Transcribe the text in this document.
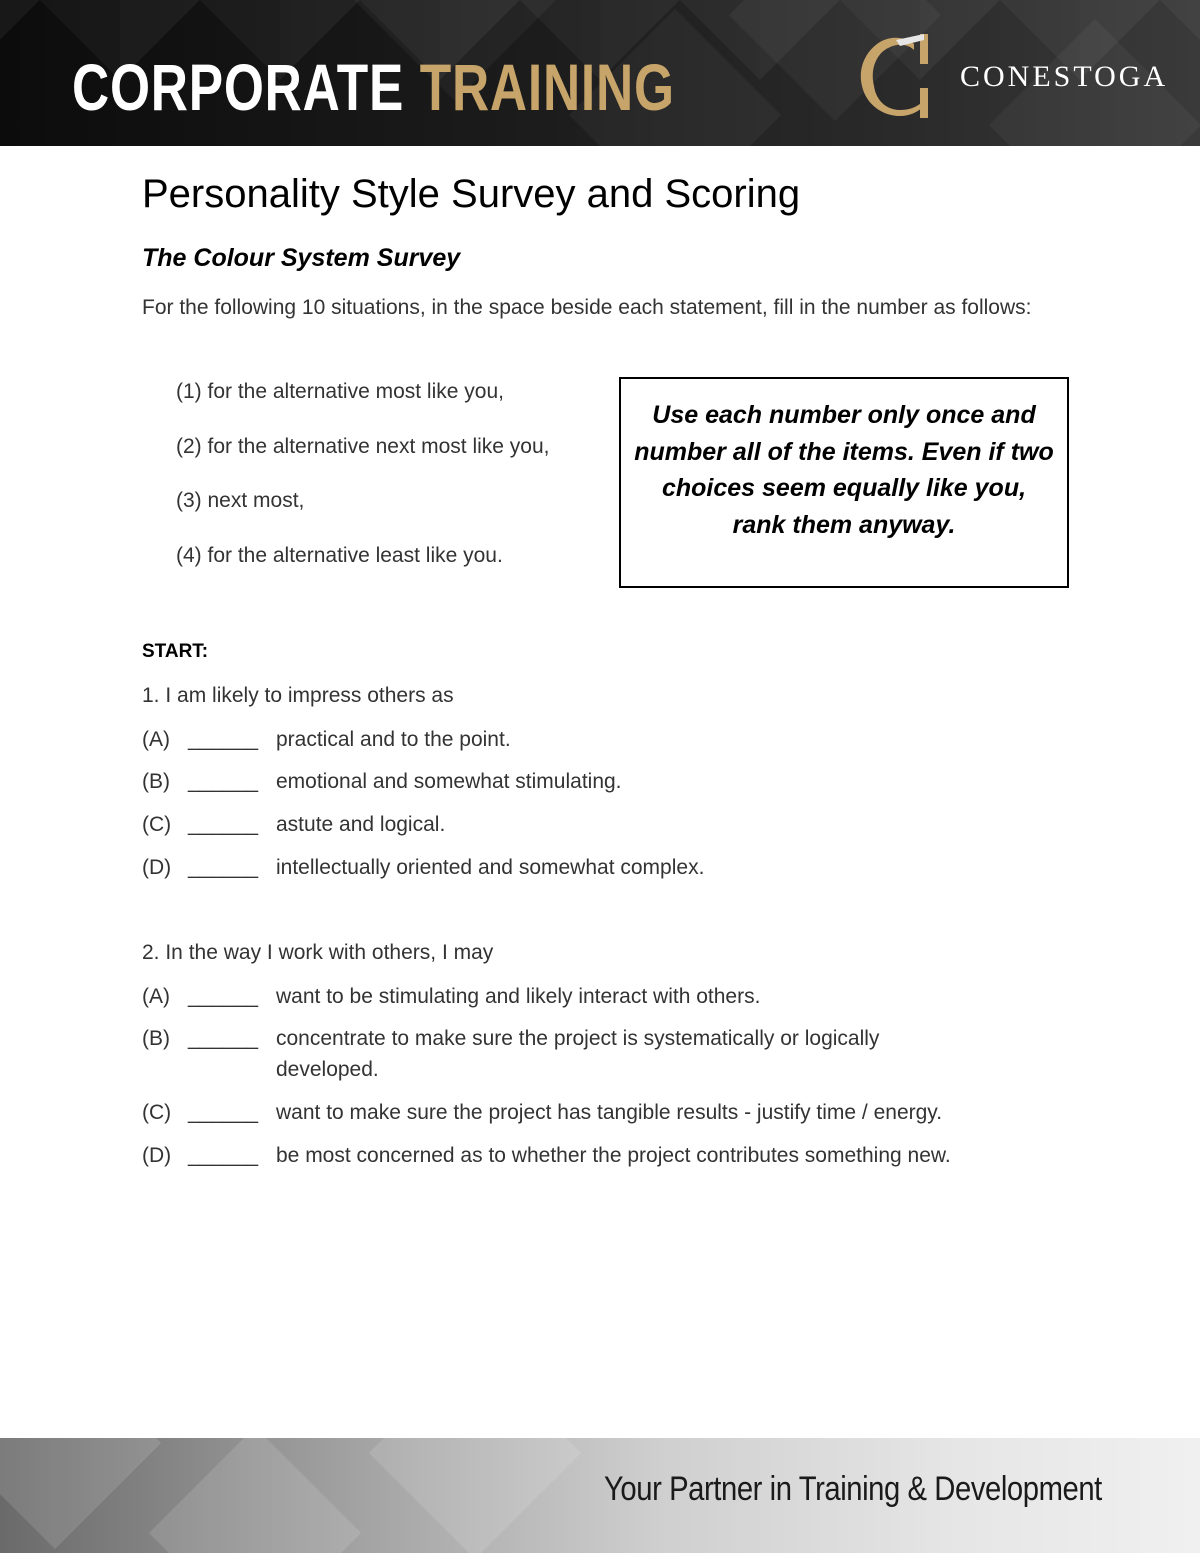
CORPORATE TRAINING	CONESTOGA
Personality Style Survey and Scoring
The Colour System Survey
For the following 10 situations, in the space beside each statement, fill in the number as follows:
(1) for the alternative most like you,
(2) for the alternative next most like you,
(3) next most,
(4) for the alternative least like you.
Use each number only once and number all of the items. Even if two choices seem equally like you, rank them anyway.
START:
1. I am likely to impress others as
(A) ______ practical and to the point.
(B) ______ emotional and somewhat stimulating.
(C) ______ astute and logical.
(D) ______ intellectually oriented and somewhat complex.
2. In the way I work with others, I may
(A) ______ want to be stimulating and likely interact with others.
(B) ______ concentrate to make sure the project is systematically or logically developed.
(C) ______ want to make sure the project has tangible results - justify time / energy.
(D) ______ be most concerned as to whether the project contributes something new.
Your Partner in Training & Development
